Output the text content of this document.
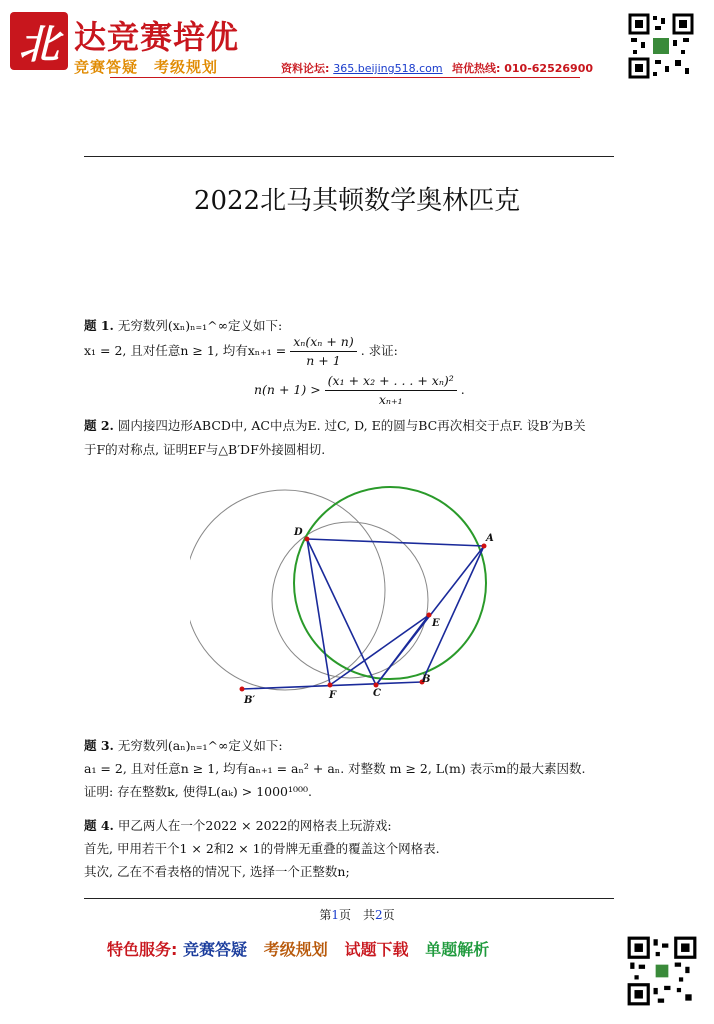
北 达竞赛培优
竞赛答疑　考级规划	资料论坛: 365.beijing518.com 培优热线: 010-62526900
2022北马其顿数学奥林匹克
题 1. 无穷数列(xₙ)ₙ₌₁^∞定义如下:
x₁ = 2, 且对任意n ≥ 1, 均有$x_{n+1} = \frac{\text{xₙ(xₙ + n)}}{n + 1}$ . 求证:
$n(n + 1) > \frac{\text{(x₁ + x₂ + . . . + xₙ)²}}{\text{xₙ₊₁}}$ .
题 2. 圆内接四边形ABCD中, AC中点为E. 过C, D, E的圆与BC再次相交于点F. 设B′为B关
于F的对称点, 证明EF与△B′DF外接圆相切.
D
A
E
B′	F	C
B
题 3. 无穷数列(aₙ)ₙ₌₁^∞定义如下:
a₁ = 2, 且对任意n ≥ 1, 均有aₙ₊₁ = aₙ² + aₙ. 对整数 m ≥ 2, L(m) 表示m的最大素因数.
证明: 存在整数k, 使得L(aₖ) > 1000¹⁰⁰⁰.
题 4. 甲乙两人在一个2022 × 2022的网格表上玩游戏:
首先, 甲用若干个1 × 2和2 × 1的骨牌无重叠的覆盖这个网格表.
其次, 乙在不看表格的情况下, 选择一个正整数n;
第1页　共2页
特色服务: 竞赛答疑 考级规划 试题下载 单题解析
